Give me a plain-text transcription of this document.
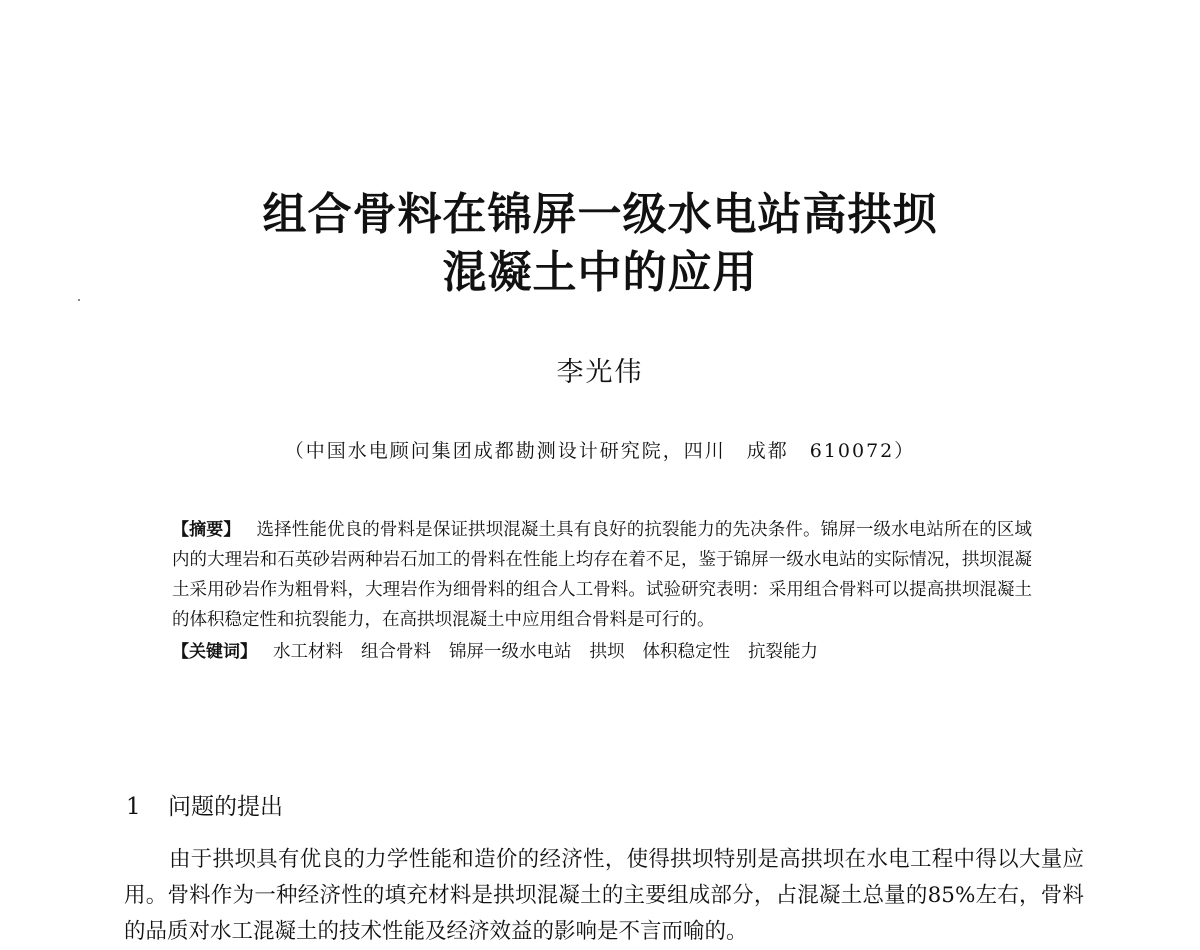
组合骨料在锦屏一级水电站高拱坝
混凝土中的应用
李光伟
（中国水电顾问集团成都勘测设计研究院，四川　成都　610072）
【摘要】 选择性能优良的骨料是保证拱坝混凝土具有良好的抗裂能力的先决条件。锦屏一级水电站所在的区域内的大理岩和石英砂岩两种岩石加工的骨料在性能上均存在着不足，鉴于锦屏一级水电站的实际情况，拱坝混凝土采用砂岩作为粗骨料，大理岩作为细骨料的组合人工骨料。试验研究表明：采用组合骨料可以提高拱坝混凝土的体积稳定性和抗裂能力，在高拱坝混凝土中应用组合骨料是可行的。
【关键词】 水工材料 组合骨料 锦屏一级水电站 拱坝 体积稳定性 抗裂能力
1 问题的提出
由于拱坝具有优良的力学性能和造价的经济性，使得拱坝特别是高拱坝在水电工程中得以大量应用。骨料作为一种经济性的填充材料是拱坝混凝土的主要组成部分，占混凝土总量的85%左右，骨料的品质对水工混凝土的技术性能及经济效益的影响是不言而喻的。
